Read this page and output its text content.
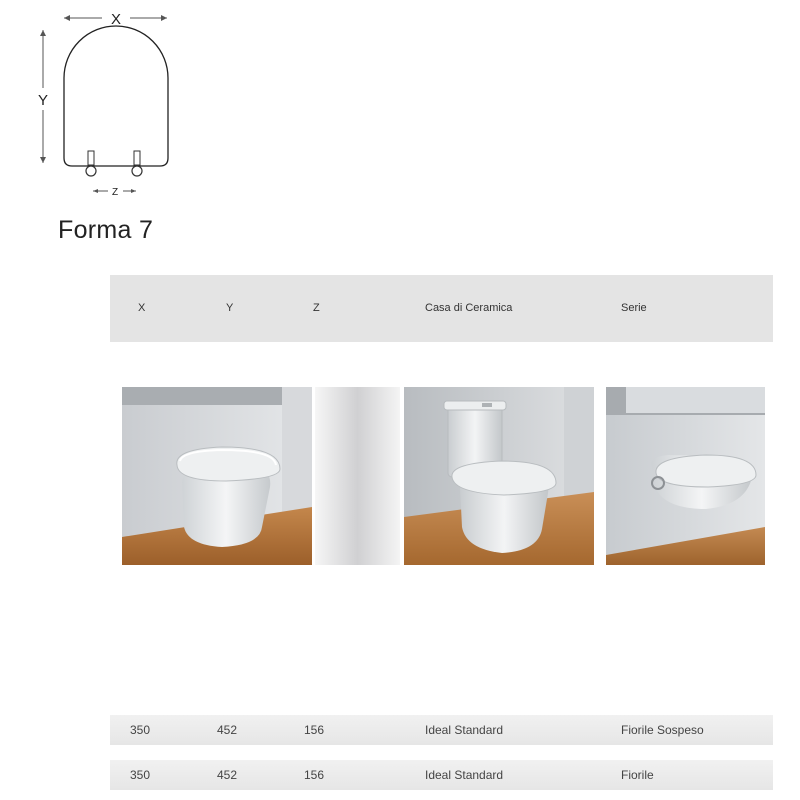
X
Y
Z
Forma 7
X	Y	Z	Casa di Ceramica	Serie
350	452	156	Ideal Standard	Fiorile Sospeso
350	452	156	Ideal Standard	Fiorile
